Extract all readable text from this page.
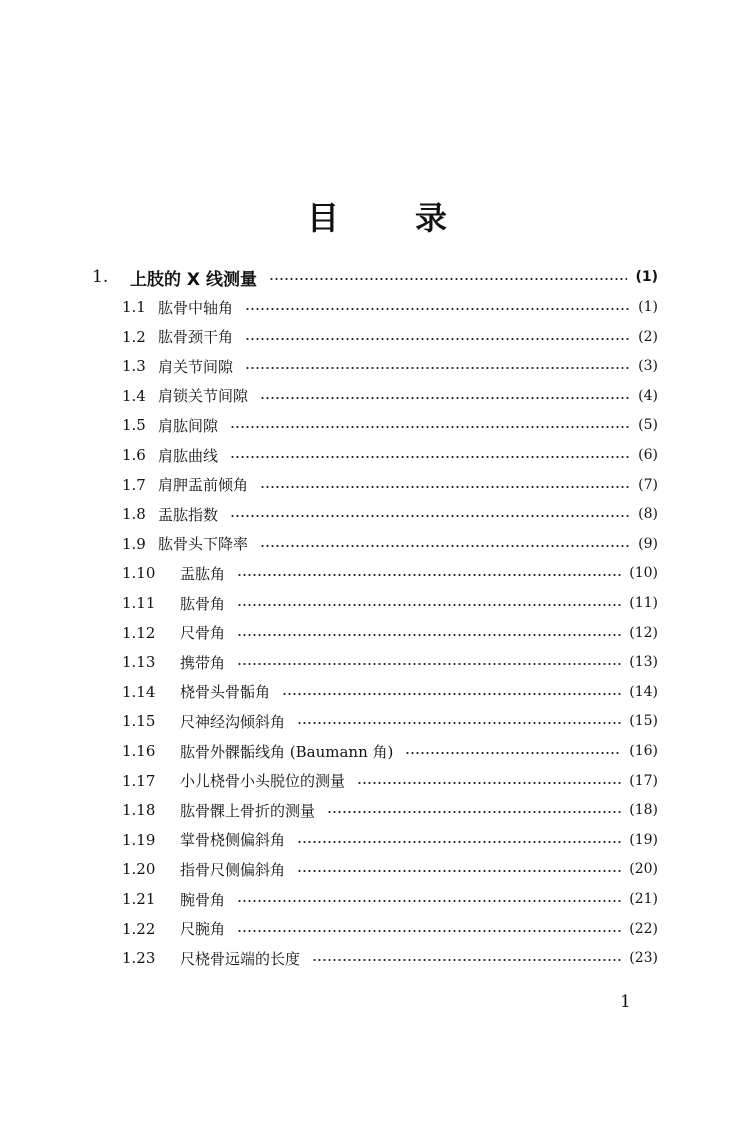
目 录
1.	上肢的 X 线测量	(1)
1.1 肱骨中轴角	(1)
1.2 肱骨颈干角	(2)
1.3 肩关节间隙	(3)
1.4 肩锁关节间隙	(4)
1.5 肩肱间隙	(5)
1.6 肩肱曲线	(6)
1.7 肩胛盂前倾角	(7)
1.8 盂肱指数	(8)
1.9 肱骨头下降率	(9)
1.10	盂肱角	(10)
1.11	肱骨角	(11)
1.12	尺骨角	(12)
1.13	携带角	(13)
1.14	桡骨头骨骺角	(14)
1.15	尺神经沟倾斜角	(15)
1.16	肱骨外髁骺线角 (Baumann 角)	(16)
1.17	小儿桡骨小头脱位的测量	(17)
1.18	肱骨髁上骨折的测量	(18)
1.19	掌骨桡侧偏斜角	(19)
1.20	指骨尺侧偏斜角	(20)
1.21	腕骨角	(21)
1.22	尺腕角	(22)
1.23	尺桡骨远端的长度	(23)
1
